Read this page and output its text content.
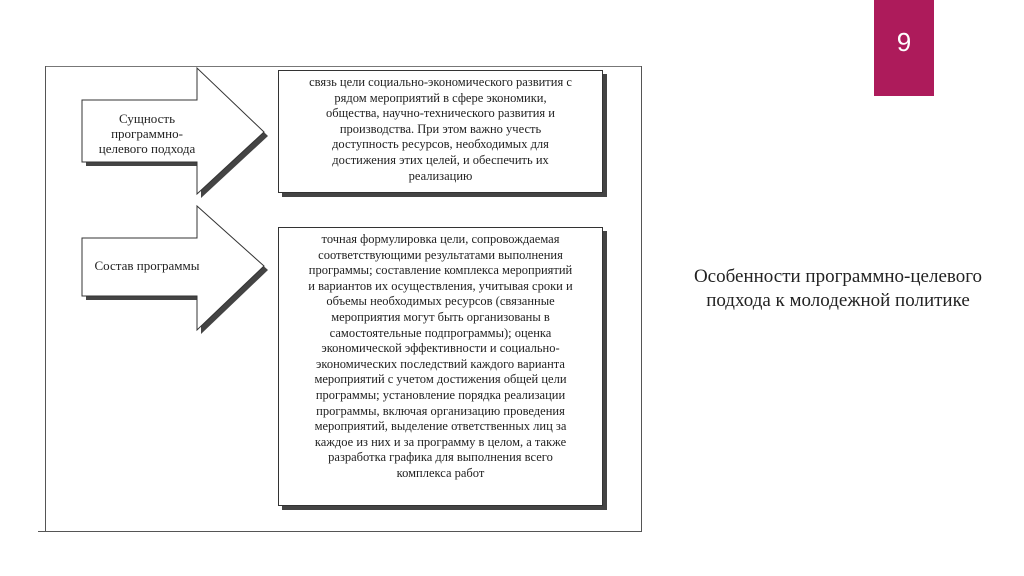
Сущность
программно-
целевого подхода
Состав программы
связь цели социально-экономического развития с
рядом мероприятий в сфере экономики,
общества, научно-технического развития и
производства. При этом важно учесть
доступность ресурсов, необходимых для
достижения этих целей, и обеспечить их
реализацию
точная формулировка цели, сопровождаемая
соответствующими результатами выполнения
программы; составление комплекса мероприятий
и вариантов их осуществления, учитывая сроки и
объемы необходимых ресурсов (связанные
мероприятия могут быть организованы в
самостоятельные подпрограммы); оценка
экономической эффективности и социально-
экономических последствий каждого варианта
мероприятий с учетом достижения общей цели
программы; установление порядка реализации
программы, включая организацию проведения
мероприятий, выделение ответственных лиц за
каждое из них и за программу в целом, а также
разработка графика для выполнения всего
комплекса работ
9
Особенности программно-целевого
подхода к молодежной политике
